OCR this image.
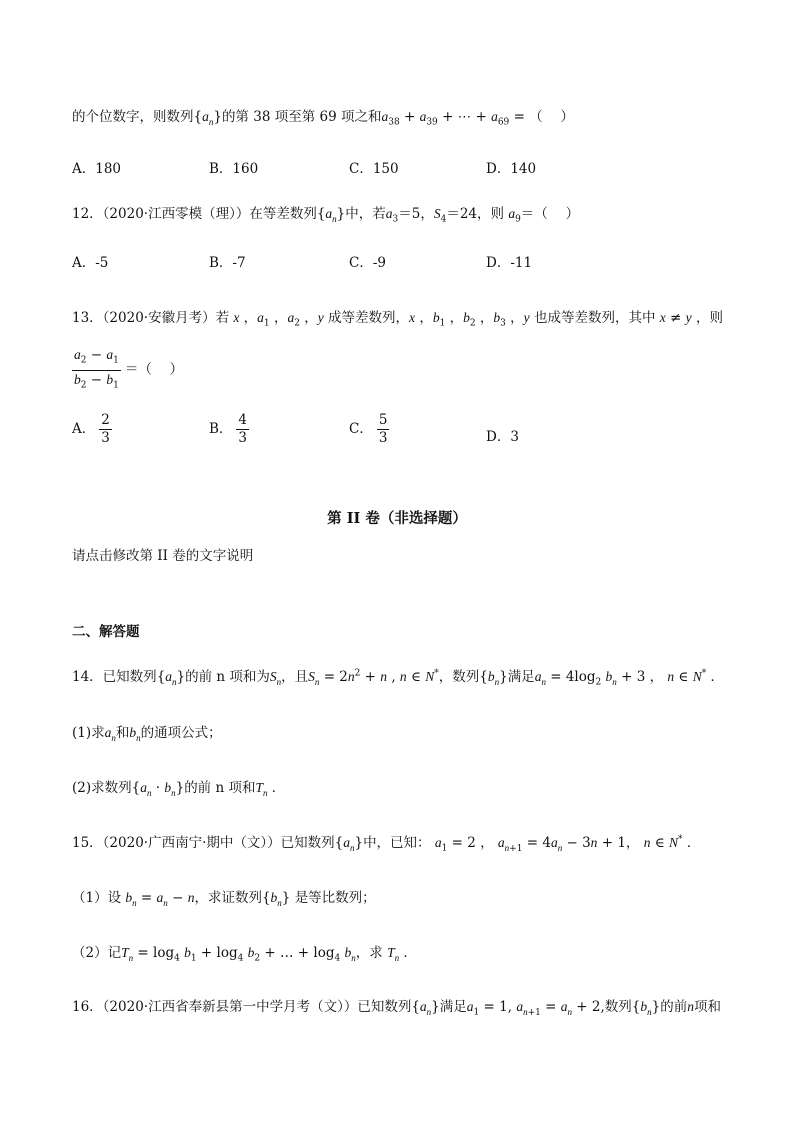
的个位数字，则数列$\{a_n\}$的第 38 项至第 69 项之和$a_{38} + a_{39}$ + ⋯ + $a_{69}$ = （　 ）
A．180	B．160	C．150	D．140
12．（2020·江西零模（理））在等差数列$\{a_n\}$中，若$a_3=5$，$S_4=24$，则 $a_9=$（　 ）
A．-5	B．-7	C．-9	D．-11
13．（2020·安徽月考）若 x ，$a_1$ ，$a_2$ ，y 成等差数列，x ，$b_1$ ，$b_2$ ，$b_3$ ，y 也成等差数列，其中 x ≠ y ，则
$\frac{a_2 - a_1}{b_2 - b_1}$ ＝（　 ）
A． $\frac{2}{3}$	B． $\frac{4}{3}$	C． $\frac{5}{3}$	D．3
第 II 卷（非选择题）
请点击修改第 II 卷的文字说明
二、解答题
14．已知数列$\{a_n\}$的前 n 项和为$S_n$，且$S_n = 2n^2 + n$ , n ∈ N*，数列$\{b_n\}$满足$a_n = 4\log_2$ $b_n + 3$ ， n ∈ N* ．
(1)求$a_n$和$b_n$的通项公式；
(2)求数列$\{a_n \cdot b_n\}$的前 n 项和$T_n$ ．
15．（2020·广西南宁·期中（文））已知数列$\{a_n\}$中，已知： $a_1 = 2$ ， $a_{n+1} = 4a_n - 3n + 1$， n ∈ N* ．
（1）设 $b_n = a_n - n$，求证数列$\{b_n\}$ 是等比数列；
（2）记$T_n = \log_4 b_1 + \log_4 b_2$ + … + $\log_4 b_n$，求 $T_n$ ．
16．（2020·江西省奉新县第一中学月考（文））已知数列$\{a_n\}$满足$a_1 = 1$, $a_{n+1} = a_n + 2$,数列$\{b_n\}$的前n项和
